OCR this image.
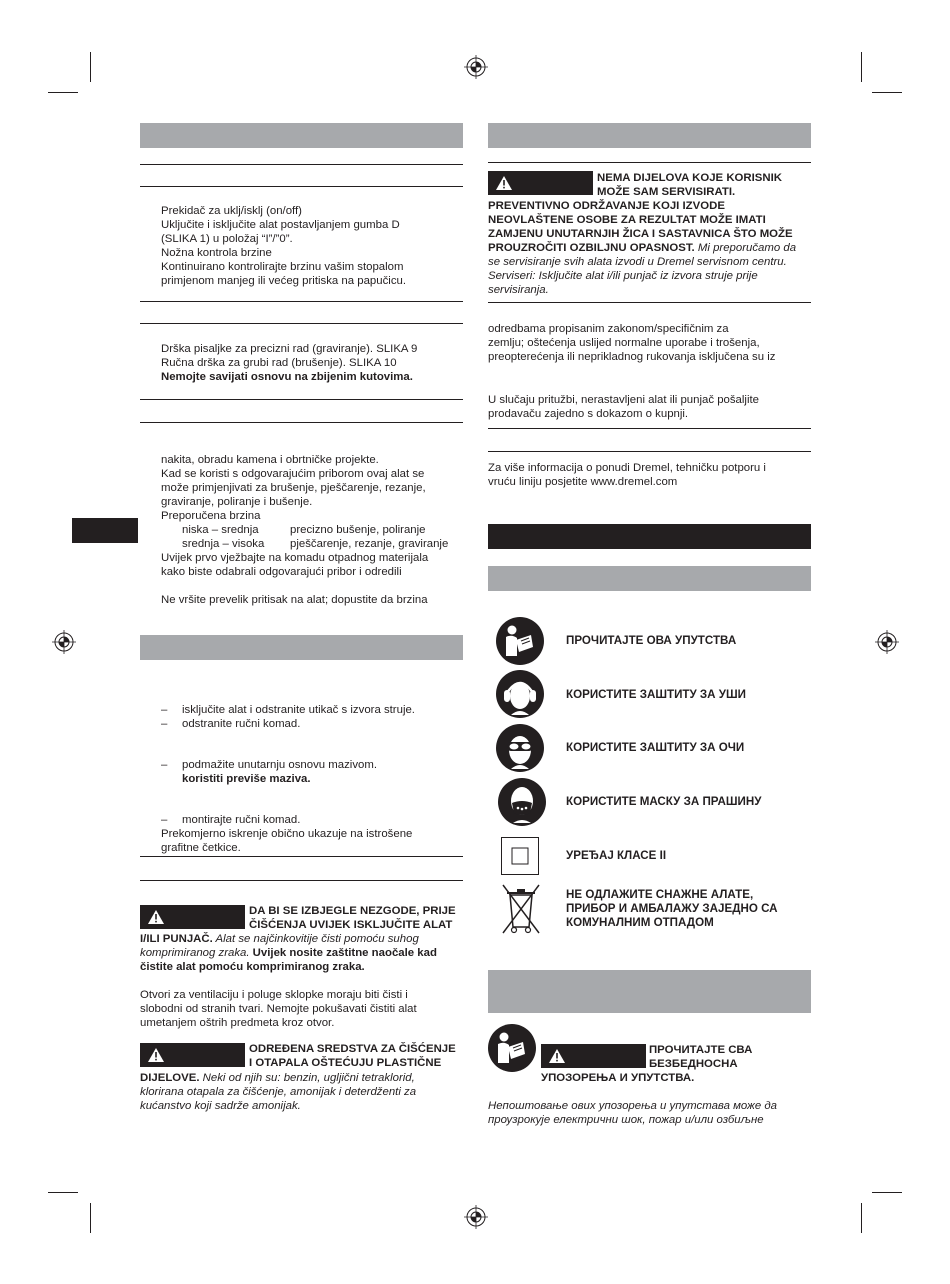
Prekidač za uklj/isklj (on/off)
Uključite i isključite alat postavljanjem gumba D
(SLIKA 1) u položaj “I”/”0”.
Nožna kontrola brzine
Kontinuirano kontrolirajte brzinu vašim stopalom
primjenom manjeg ili većeg pritiska na papučicu.
Drška pisaljke za precizni rad (graviranje). SLIKA 9
Ručna drška za grubi rad (brušenje). SLIKA 10
Nemojte savijati osnovu na zbijenim kutovima.
nakita, obradu kamena i obrtničke projekte.
Kad se koristi s odgovarajućim priborom ovaj alat se
može primjenjivati za brušenje, pješčarenje, rezanje,
graviranje, poliranje i bušenje.
Preporučena brzina
niska – srednja	precizno bušenje, poliranje
srednja – visoka pješčarenje, rezanje, graviranje
Uvijek prvo vježbajte na komadu otpadnog materijala
kako biste odabrali odgovarajući pribor i odredili
Ne vršite prevelik pritisak na alat; dopustite da brzina
– isključite alat i odstranite utikač s izvora struje.
– odstranite ručni komad.
– podmažite unutarnju osnovu mazivom.
koristiti previše maziva.
– montirajte ručni komad.
Prekomjerno iskrenje obično ukazuje na istrošene
grafitne četkice.
DA BI SE IZBJEGLE NEZGODE, PRIJE
ČIŠĆENJA UVIJEK ISKLJUČITE ALAT
I/ILI PUNJAČ. Alat se najčinkovitije čisti pomoću suhog
komprimiranog zraka. Uvijek nosite zaštitne naočale kad
čistite alat pomoću komprimiranog zraka.
Otvori za ventilaciju i poluge sklopke moraju biti čisti i
slobodni od stranih tvari. Nemojte pokušavati čistiti alat
umetanjem oštrih predmeta kroz otvor.
ODREĐENA SREDSTVA ZA ČIŠĆENJE
I OTAPALA OŠTEĆUJU PLASTIČNE
DIJELOVE. Neki od njih su: benzin, ugljični tetraklorid,
klorirana otapala za čišćenje, amonijak i deterdženti za
kućanstvo koji sadrže amonijak.
NEMA DIJELOVA KOJE KORISNIK
MOŽE SAM SERVISIRATI.
PREVENTIVNO ODRŽAVANJE KOJI IZVODE
NEOVLAŠTENE OSOBE ZA REZULTAT MOŽE IMATI
ZAMJENU UNUTARNJIH ŽICA I SASTAVNICA ŠTO MOŽE
PROUZROČITI OZBILJNU OPASNOST. Mi preporučamo da
se servisiranje svih alata izvodi u Dremel servisnom centru.
Serviseri: Isključite alat i/ili punjač iz izvora struje prije
servisiranja.
odredbama propisanim zakonom/specifičnim za
zemlju; oštećenja uslijed normalne uporabe i trošenja,
preopterećenja ili neprikladnog rukovanja isključena su iz
U slučaju pritužbi, nerastavljeni alat ili punjač pošaljite
prodavaču zajedno s dokazom o kupnji.
Za više informacija o ponudi Dremel, tehničku potporu i
vruću liniju posjetite www.dremel.com
ПРОЧИТАЈТЕ ОВА УПУТСТВА
КОРИСТИТЕ ЗАШТИТУ ЗА УШИ
КОРИСТИТЕ ЗАШТИТУ ЗА ОЧИ
КОРИСТИТЕ МАСКУ ЗА ПРАШИНУ
УРЕЂАЈ КЛАСЕ II
НЕ ОДЛАЖИТЕ СНАЖНЕ АЛАТЕ,
ПРИБОР И АМБАЛАЖУ ЗАЈЕДНО СА
КОМУНАЛНИМ ОТПАДОМ
ПРОЧИТАЈТЕ СВА
БЕЗБЕДНОСНА
УПОЗОРЕЊА И УПУТСТВА.
Непоштовање ових упозорења и упутстава може да
проузрокује електрични шок, пожар и/или озбиљне
